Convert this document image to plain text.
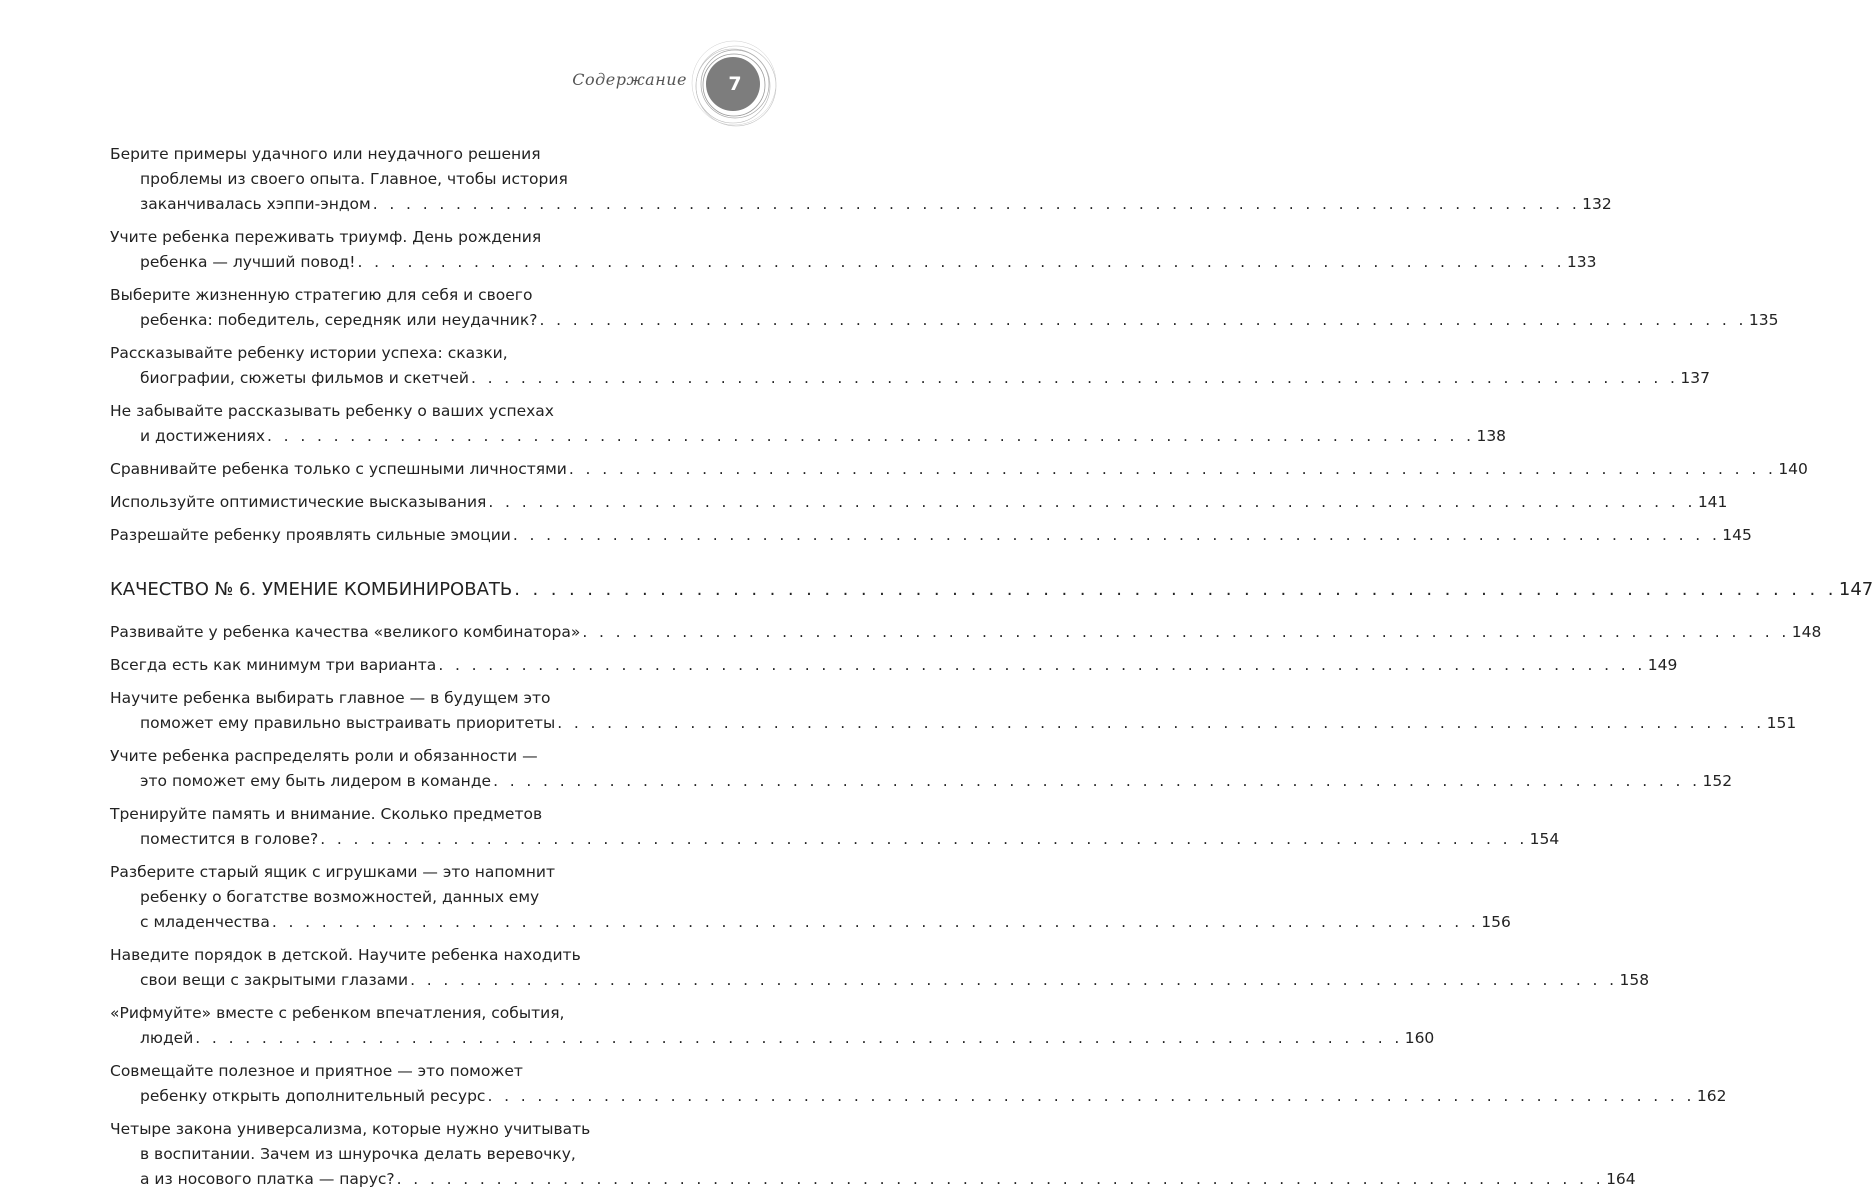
Содержание	7
Берите примеры удачного или неудачного решения
проблемы из своего опыта. Главное, чтобы история
заканчивалась хэппи-эндом . . . . . . . . . . . . . . . . . . . . . . . . . . . . . . . . . . . . . . . . . . . . . . . . . . . . . . . . . . . . . . . . . . . . . . . . . 132
Учите ребенка переживать триумф. День рождения
ребенка — лучший повод! . . . . . . . . . . . . . . . . . . . . . . . . . . . . . . . . . . . . . . . . . . . . . . . . . . . . . . . . . . . . . . . . . . . . . . . . . 133
Выберите жизненную стратегию для себя и своего
ребенка: победитель, середняк или неудачник? . . . . . . . . . . . . . . . . . . . . . . . . . . . . . . . . . . . . . . . . . . . . . . . . . . . . . . . . . . . . . . . . . . . . . . . . . 135
Рассказывайте ребенку истории успеха: сказки,
биографии, сюжеты фильмов и скетчей . . . . . . . . . . . . . . . . . . . . . . . . . . . . . . . . . . . . . . . . . . . . . . . . . . . . . . . . . . . . . . . . . . . . . . . . . 137
Не забывайте рассказывать ребенку о ваших успехах
и достижениях . . . . . . . . . . . . . . . . . . . . . . . . . . . . . . . . . . . . . . . . . . . . . . . . . . . . . . . . . . . . . . . . . . . . . . . . . 138
Сравнивайте ребенка только с успешными личностями . . . . . . . . . . . . . . . . . . . . . . . . . . . . . . . . . . . . . . . . . . . . . . . . . . . . . . . . . . . . . . . . . . . . . . . . . 140
Используйте оптимистические высказывания . . . . . . . . . . . . . . . . . . . . . . . . . . . . . . . . . . . . . . . . . . . . . . . . . . . . . . . . . . . . . . . . . . . . . . . . . 141
Разрешайте ребенку проявлять сильные эмоции . . . . . . . . . . . . . . . . . . . . . . . . . . . . . . . . . . . . . . . . . . . . . . . . . . . . . . . . . . . . . . . . . . . . . . . . . 145
КАЧЕСТВО № 6. УМЕНИЕ КОМБИНИРОВАТЬ . . . . . . . . . . . . . . . . . . . . . . . . . . . . . . . . . . . . . . . . . . . . . . . . . . . . . . . . . . . . . . . . . . . . . . . . . 147
Развивайте у ребенка качества «великого комбинатора» . . . . . . . . . . . . . . . . . . . . . . . . . . . . . . . . . . . . . . . . . . . . . . . . . . . . . . . . . . . . . . . . . . . . . . . . . 148
Всегда есть как минимум три варианта . . . . . . . . . . . . . . . . . . . . . . . . . . . . . . . . . . . . . . . . . . . . . . . . . . . . . . . . . . . . . . . . . . . . . . . . . 149
Научите ребенка выбирать главное — в будущем это
поможет ему правильно выстраивать приоритеты . . . . . . . . . . . . . . . . . . . . . . . . . . . . . . . . . . . . . . . . . . . . . . . . . . . . . . . . . . . . . . . . . . . . . . . . . 151
Учите ребенка распределять роли и обязанности —
это поможет ему быть лидером в команде . . . . . . . . . . . . . . . . . . . . . . . . . . . . . . . . . . . . . . . . . . . . . . . . . . . . . . . . . . . . . . . . . . . . . . . . . 152
Тренируйте память и внимание. Сколько предметов
поместится в голове? . . . . . . . . . . . . . . . . . . . . . . . . . . . . . . . . . . . . . . . . . . . . . . . . . . . . . . . . . . . . . . . . . . . . . . . . . 154
Разберите старый ящик с игрушками — это напомнит
ребенку о богатстве возможностей, данных ему
с младенчества . . . . . . . . . . . . . . . . . . . . . . . . . . . . . . . . . . . . . . . . . . . . . . . . . . . . . . . . . . . . . . . . . . . . . . . . . 156
Наведите порядок в детской. Научите ребенка находить
свои вещи с закрытыми глазами . . . . . . . . . . . . . . . . . . . . . . . . . . . . . . . . . . . . . . . . . . . . . . . . . . . . . . . . . . . . . . . . . . . . . . . . . 158
«Рифмуйте» вместе с ребенком впечатления, события,
людей . . . . . . . . . . . . . . . . . . . . . . . . . . . . . . . . . . . . . . . . . . . . . . . . . . . . . . . . . . . . . . . . . . . . . . . . . 160
Совмещайте полезное и приятное — это поможет
ребенку открыть дополнительный ресурс . . . . . . . . . . . . . . . . . . . . . . . . . . . . . . . . . . . . . . . . . . . . . . . . . . . . . . . . . . . . . . . . . . . . . . . . . 162
Четыре закона универсализма, которые нужно учитывать
в воспитании. Зачем из шнурочка делать веревочку,
а из носового платка — парус? . . . . . . . . . . . . . . . . . . . . . . . . . . . . . . . . . . . . . . . . . . . . . . . . . . . . . . . . . . . . . . . . . . . . . . . . . 164
